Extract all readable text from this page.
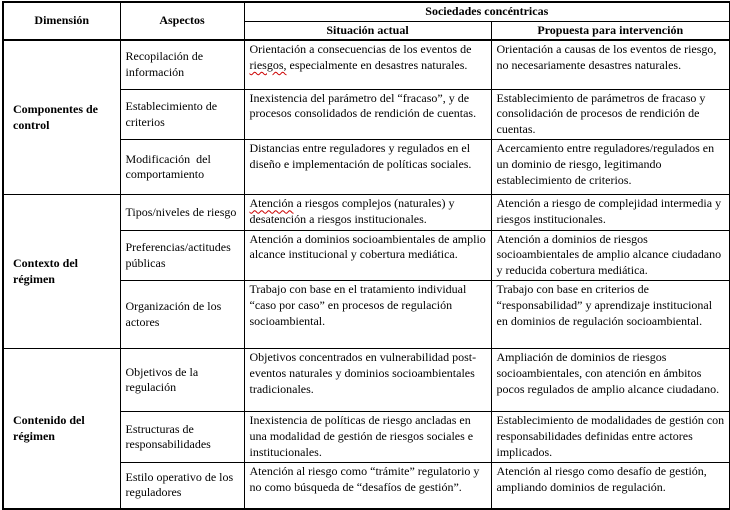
Dimensión	Aspectos	Sociedades concéntricas	
		Situación actual	Propuesta para intervención
Componentes de control	Recopilación de información	Orientación a consecuencias de los eventos de riesgos, especialmente en desastres naturales.	Orientación a causas de los eventos de riesgo, no necesariamente desastres naturales.
	Establecimiento de criterios	Inexistencia del parámetro del “fracaso”, y de procesos consolidados de rendición de cuentas.	Establecimiento de parámetros de fracaso y consolidación de procesos de rendición de cuentas.
	Modificación  del comportamiento	Distancias entre reguladores y regulados en el diseño e implementación de políticas sociales.	Acercamiento entre reguladores/regulados en un dominio de riesgo, legitimando establecimiento de criterios.
Contexto del régimen	Tipos/niveles de riesgo	Atención a riesgos complejos (naturales) y desatención a riesgos institucionales.	Atención a riesgo de complejidad intermedia y riesgos institucionales.
	Preferencias/actitudes públicas	Atención a dominios socioambientales de amplio alcance institucional y cobertura mediática.	Atención a dominios de riesgos socioambientales de amplio alcance ciudadano y reducida cobertura mediática.
	Organización de los actores	Trabajo con base en el tratamiento individual “caso por caso” en procesos de regulación socioambiental.	Trabajo con base en criterios de “responsabilidad” y aprendizaje institucional en dominios de regulación socioambiental.
Contenido del régimen	Objetivos de la regulación	Objetivos concentrados en vulnerabilidad post-eventos naturales y dominios socioambientales tradicionales.	Ampliación de dominios de riesgos socioambientales, con atención en ámbitos pocos regulados de amplio alcance ciudadano.
	Estructuras de responsabilidades	Inexistencia de políticas de riesgo ancladas en una modalidad de gestión de riesgos sociales e institucionales.	Establecimiento de modalidades de gestión con responsabilidades definidas entre actores implicados.
	Estilo operativo de los reguladores	Atención al riesgo como “trámite” regulatorio y no como búsqueda de “desafíos de gestión”.	Atención al riesgo como desafío de gestión, ampliando dominios de regulación.
